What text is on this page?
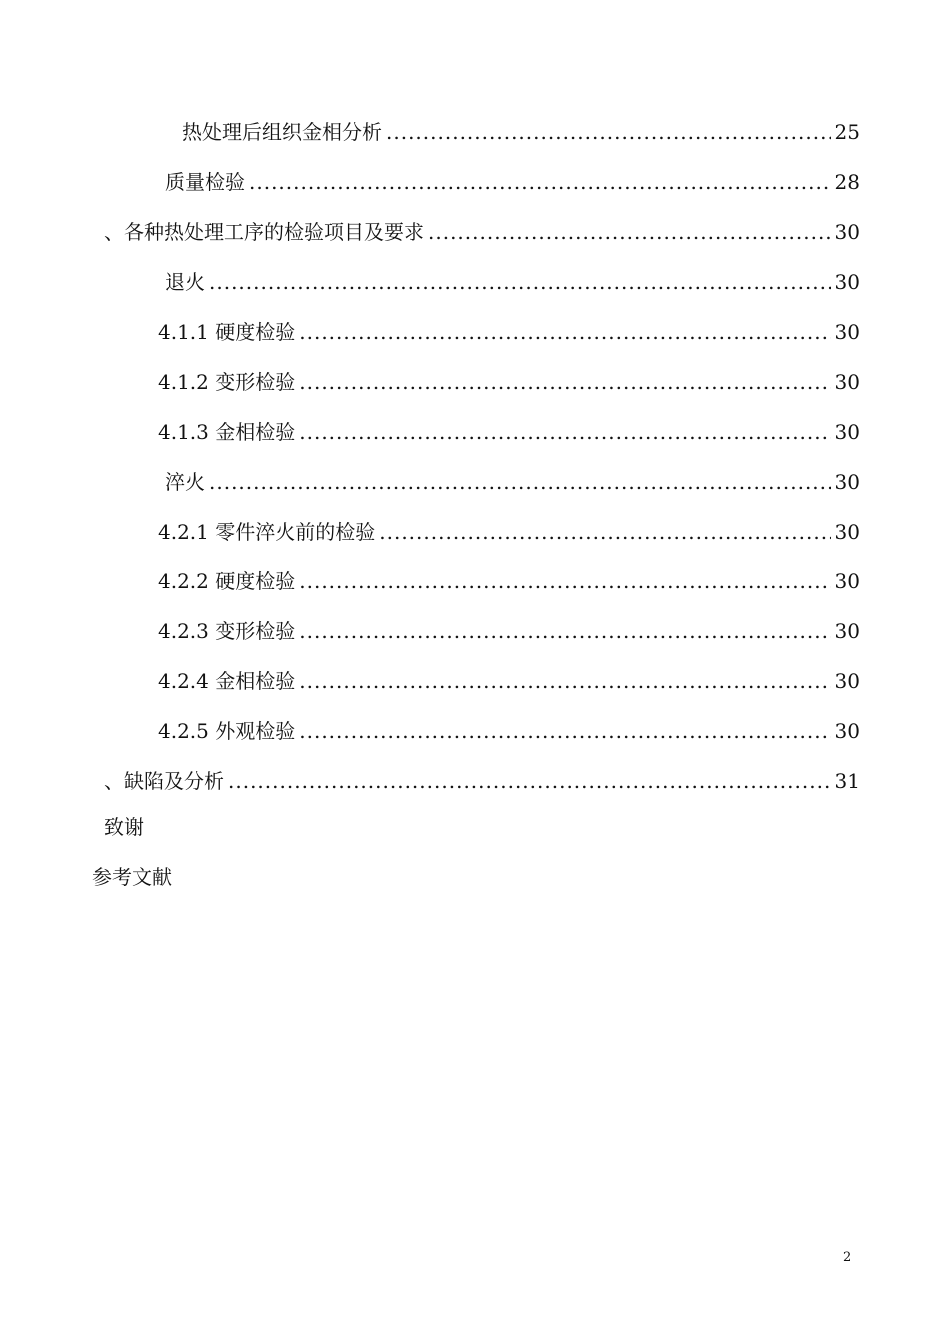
热处理后组织金相分析 .....	25
质量检验 .....	28
、各种热处理工序的检验项目及要求 .....	30
退火 .....	30
4.1.1 硬度检验 .....	30
4.1.2 变形检验 .....	30
4.1.3 金相检验 .....	30
淬火 .....	30
4.2.1 零件淬火前的检验 .....	30
4.2.2 硬度检验 .....	30
4.2.3 变形检验 .....	30
4.2.4 金相检验 .....	30
4.2.5 外观检验 .....	30
、缺陷及分析 .....	31
致谢
参考文献
2
